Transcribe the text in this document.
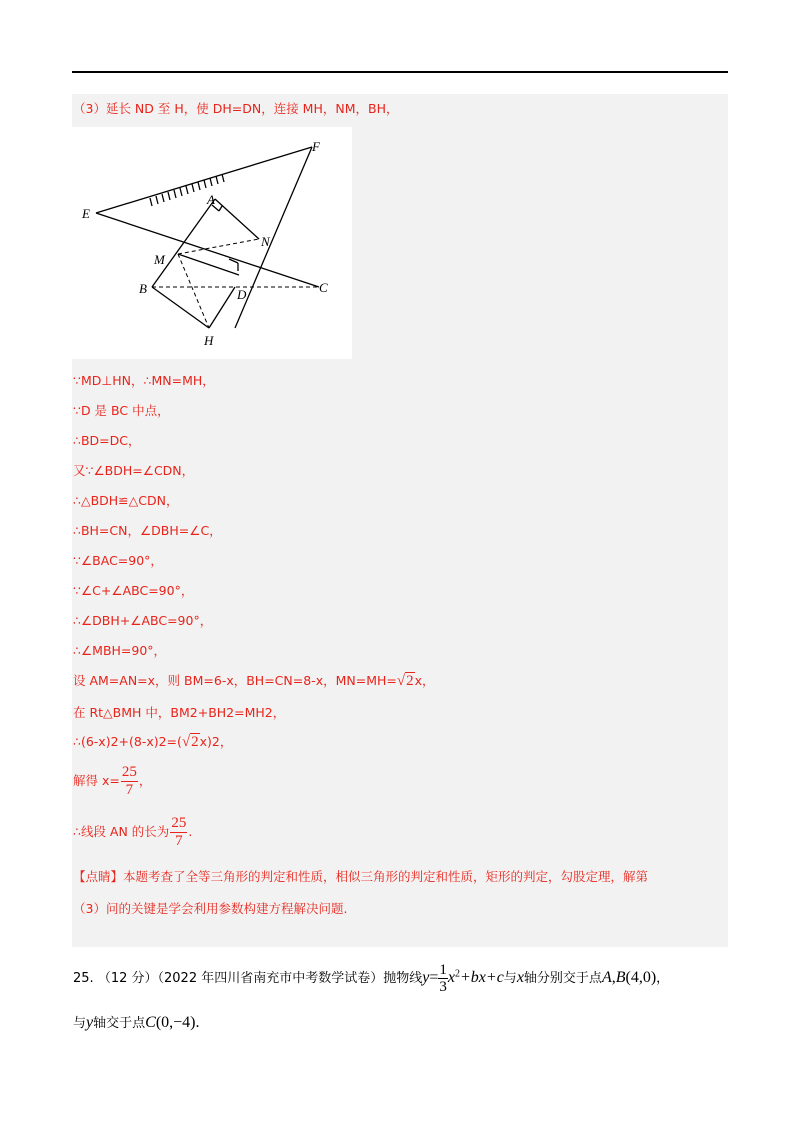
（3）延长 ND 至 H，使 DH=DN，连接 MH，NM，BH，
E
F
A
N
M
B	D	C
H
∵MD⊥HN，∴MN=MH，
∵D 是 BC 中点，
∴BD=DC，
又∵∠BDH=∠CDN，
∴△BDH≌△CDN，
∴BH=CN，∠DBH=∠C，
∵∠BAC=90°，
∵∠C+∠ABC=90°，
∴∠DBH+∠ABC=90°，
∴∠MBH=90°，
设 AM=AN=x，则 BM=6-x，BH=CN=8-x，MN=MH=√2x，
在 Rt△BMH 中，BM2+BH2=MH2，
∴(6-x)2+(8-x)2=(√2x)2，
解得 $x= \frac{25}{7}$ ，
∴线段 AN 的长为 $\frac{25}{7}$ .
【点睛】本题考查了全等三角形的判定和性质，相似三角形的判定和性质，矩形的判定，勾股定理，解第
（3）问的关键是学会利用参数构建方程解决问题.
25. （12 分）（2022 年四川省南充市中考数学试卷）抛物线$y= \frac{1}{3} x^2+bx+c$与x轴分别交于点A,B(4,0)，
与y轴交于点C(0,−4).
